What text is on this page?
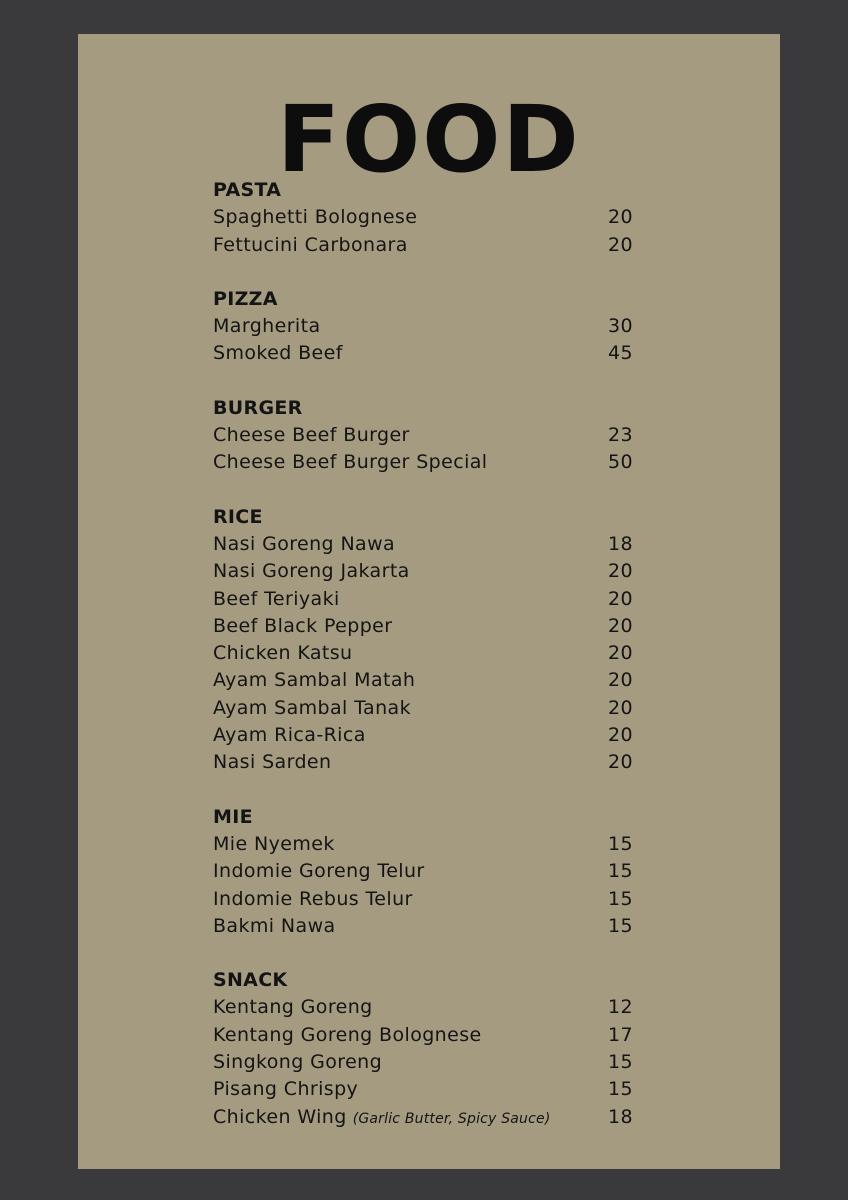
FOOD
PASTA
Spaghetti Bolognese	20
Fettucini Carbonara	20
PIZZA
Margherita	30
Smoked Beef	45
BURGER
Cheese Beef Burger	23
Cheese Beef Burger Special	50
RICE
Nasi Goreng Nawa	18
Nasi Goreng Jakarta	20
Beef Teriyaki	20
Beef Black Pepper	20
Chicken Katsu	20
Ayam Sambal Matah	20
Ayam Sambal Tanak	20
Ayam Rica-Rica	20
Nasi Sarden	20
MIE
Mie Nyemek	15
Indomie Goreng Telur	15
Indomie Rebus Telur	15
Bakmi Nawa	15
SNACK
Kentang Goreng	12
Kentang Goreng Bolognese	17
Singkong Goreng	15
Pisang Chrispy	15
Chicken Wing (Garlic Butter, Spicy Sauce)	18
